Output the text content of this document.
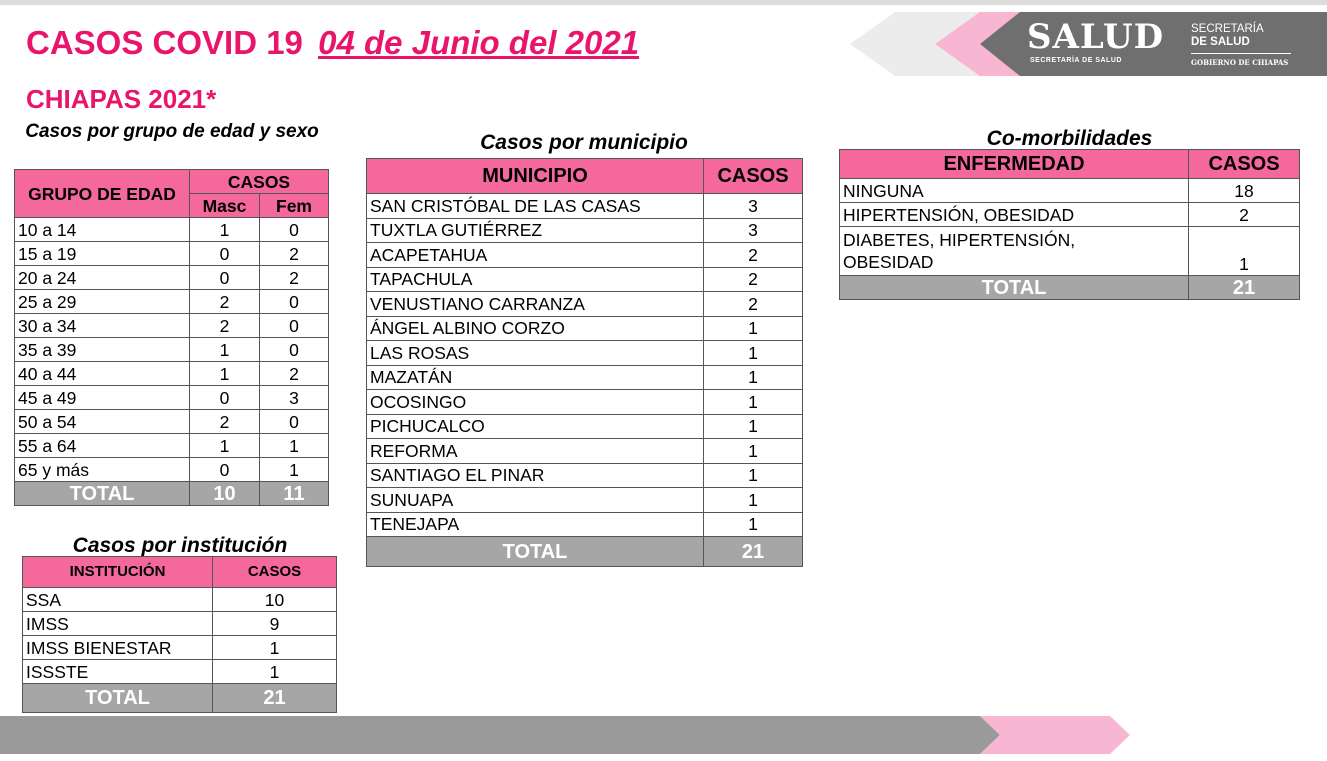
CASOS COVID 19 04 de Junio del 2021
CHIAPAS 2021*
SALUD
SECRETARÍA DE SALUD
SECRETARÍA
DE SALUD
GOBIERNO DE CHIAPAS
Casos por grupo de edad y sexo
GRUPO DE EDAD	CASOS	
	Masc	Fem
10 a 14	1	0
15 a 19	0	2
20 a 24	0	2
25 a 29	2	0
30 a 34	2	0
35 a 39	1	0
40 a 44	1	2
45 a 49	0	3
50 a 54	2	0
55 a 64	1	1
65 y más	0	1
TOTAL	10	11
Casos por institución
INSTITUCIÓN	CASOS
SSA	10
IMSS	9
IMSS BIENESTAR	1
ISSSTE	1
TOTAL	21
Casos por municipio
MUNICIPIO	CASOS
SAN CRISTÓBAL DE LAS CASAS	3
TUXTLA GUTIÉRREZ	3
ACAPETAHUA	2
TAPACHULA	2
VENUSTIANO CARRANZA	2
ÁNGEL ALBINO CORZO	1
LAS ROSAS	1
MAZATÁN	1
OCOSINGO	1
PICHUCALCO	1
REFORMA	1
SANTIAGO EL PINAR	1
SUNUAPA	1
TENEJAPA	1
TOTAL	21
Co-morbilidades
ENFERMEDAD	CASOS
NINGUNA	18
HIPERTENSIÓN, OBESIDAD	2
DIABETES, HIPERTENSIÓN,
OBESIDAD	1
TOTAL	21
